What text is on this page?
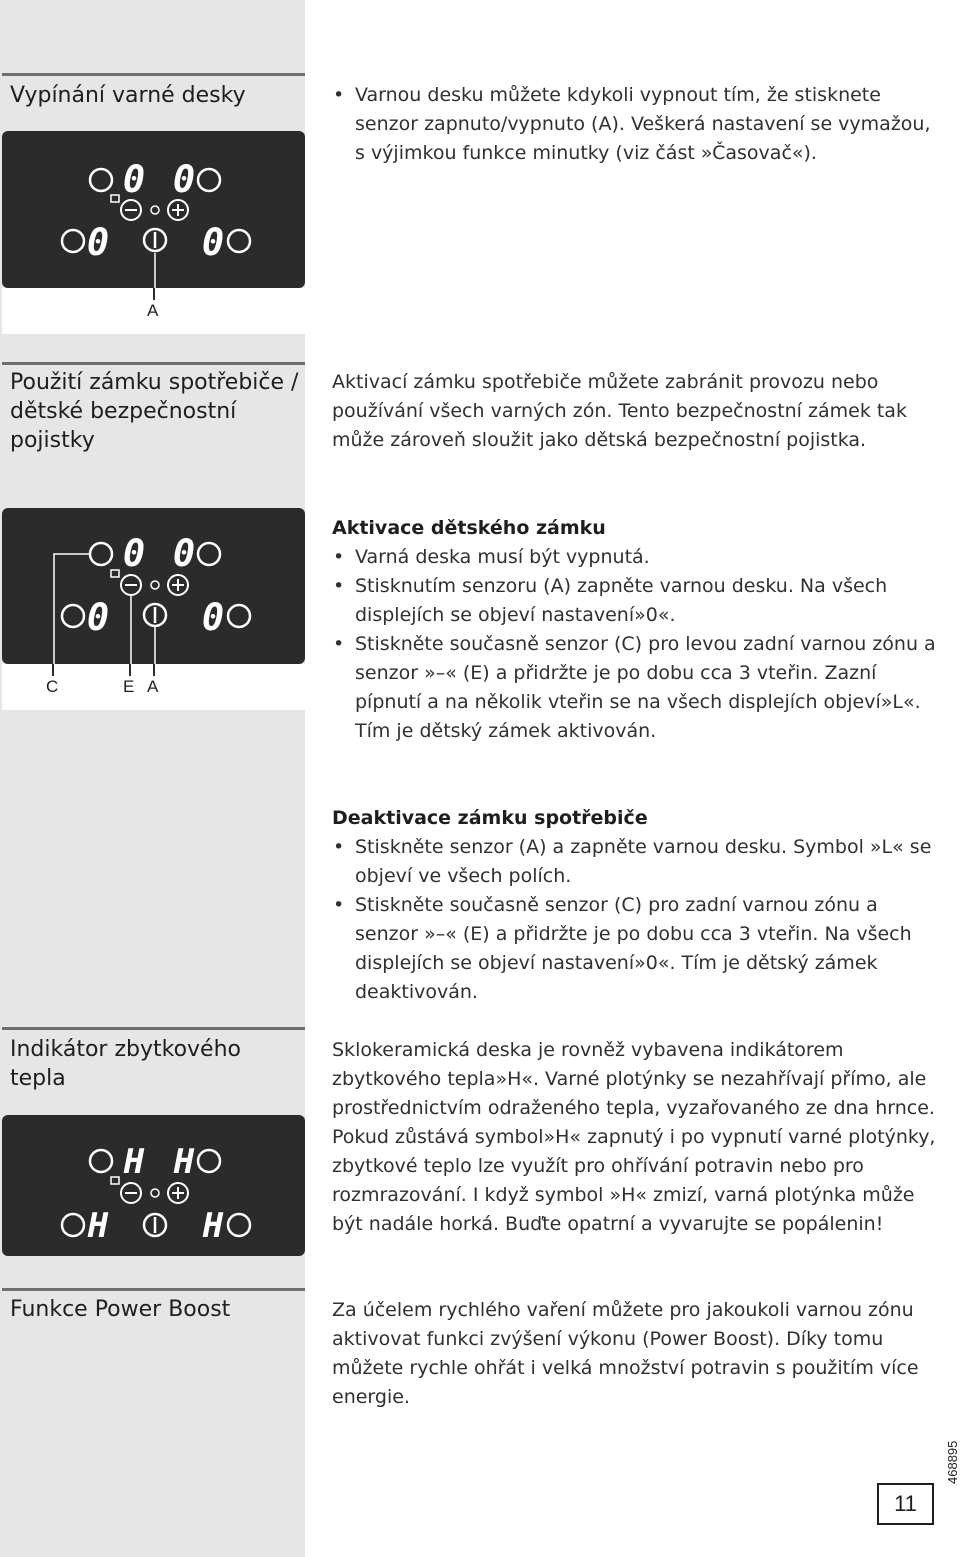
Vypínání varné desky
0 0
0	0
A
• Varnou desku můžete kdykoli vypnout tím, že stisknete senzor zapnuto/vypnuto (A). Veškerá nastavení se vymažou, s výjimkou funkce minutky (viz část »Časovač«).
Použití zámku spotřebiče / dětské bezpečnostní pojistky
Aktivací zámku spotřebiče můžete zabránit provozu nebo používání všech varných zón. Tento bezpečnostní zámek tak může zároveň sloužit jako dětská bezpečnostní pojistka.
0 0
0	0
C	E A

Aktivace dětského zámku

• Varná deska musí být vypnutá.
• Stisknutím senzoru (A) zapněte varnou desku. Na všech displejích se objeví nastavení»0«.
• Stiskněte současně senzor (C) pro levou zadní varnou zónu a senzor »–« (E) a přidržte je po dobu cca 3 vteřin. Zazní pípnutí a na několik vteřin se na všech displejích objeví»L«. Tím je dětský zámek aktivován.

Deaktivace zámku spotřebiče

• Stiskněte senzor (A) a zapněte varnou desku. Symbol »L« se objeví ve všech polích.
• Stiskněte současně senzor (C) pro zadní varnou zónu a senzor »–« (E) a přidržte je po dobu cca 3 vteřin. Na všech displejích se objeví nastavení»0«. Tím je dětský zámek deaktivován.
Indikátor zbytkového tepla
H H
H	H
Sklokeramická deska je rovněž vybavena indikátorem zbytkového tepla»H«. Varné plotýnky se nezahřívají přímo, ale prostřednictvím odraženého tepla, vyzařovaného ze dna hrnce. Pokud zůstává symbol»H« zapnutý i po vypnutí varné plotýnky, zbytkové teplo lze využít pro ohřívání potravin nebo pro rozmrazování. I když symbol »H« zmizí, varná plotýnka může být nadále horká. Buďte opatrní a vyvarujte se popálenin!
Funkce Power Boost	Za účelem rychlého vaření můžete pro jakoukoli varnou zónu aktivovat funkci zvýšení výkonu (Power Boost). Díky tomu můžete rychle ohřát i velká množství potravin s použitím více energie.
468895
11
